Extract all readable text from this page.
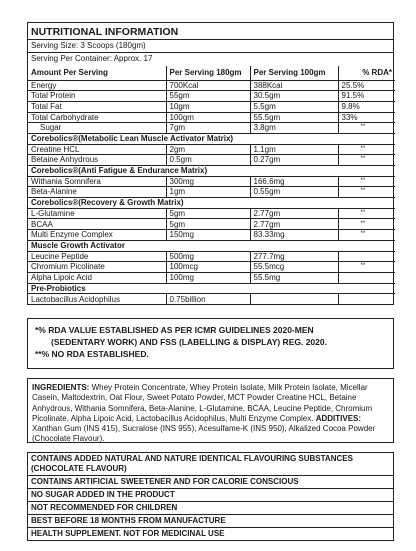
NUTRITIONAL INFORMATION
Serving Size: 3 Scoops (180gm)
Serving Per Container: Approx. 17
Amount Per Serving	Per Serving 180gm	Per Serving 100gm	% RDA*
Energy	700Kcal	388Kcal	25.5%
Total Protein	55gm	30.5gm	91.5%
Total Fat	10gm	5.5gm	9.8%
Total Carbohydrate	100gm	55.5gm	33%
Sugar	7gm	3.8gm	**
Corebolics®(Metabolic Lean Muscle Activator Matrix)			
Creatine HCL	2gm	1.1gm	**
Betaine Anhydrous	0.5gm	0.27gm	**
Corebolics®(Anti Fatigue & Endurance Matrix)			
Withania Somnifera	300mg	166.6mg	**
Beta-Alanine	1gm	0.55gm	**
Corebolics®(Recovery & Growth Matrix)			
L-Glutamine	5gm	2.77gm	**
BCAA	5gm	2.77gm	**
Multi Enzyme Complex	150mg	83.33mg	**
Muscle Growth Activator			
Leucine Peptide	500mg	277.7mg	
Chromium Picolinate	100mcg	55.5mcg	**
Alpha Lipoic Acid	100mg	55.5mg	
Pre-Probiotics			
Lactobacillus Acidophilus	0.75billion		
*% RDA VALUE ESTABLISHED AS PER ICMR GUIDELINES 2020-MEN
(SEDENTARY WORK) AND FSS (LABELLING & DISPLAY) REG. 2020.
**% NO RDA ESTABLISHED.
INGREDIENTS: Whey Protein Concentrate, Whey Protein Isolate, Milk Protein Isolate, Micellar Casein, Maltodextrin, Oat Flour, Sweet Potato Powder, MCT Powder Creatine HCL, Betaine Anhydrous, Withania Somnifera, Beta-Alanine, L-Glutamine, BCAA, Leucine Peptide, Chromium Picolinate, Alpha Lipoic Acid, Lactobacillus Acidophilus, Multi Enzyme Complex. ADDITIVES: Xanthan Gum (INS 415), Sucralose (INS 955), Acesulfame-K (INS 950), Alkalized Cocoa Powder (Chocolate Flavour).
CONTAINS ADDED NATURAL AND NATURE IDENTICAL FLAVOURING SUBSTANCES (CHOCOLATE FLAVOUR)
CONTAINS ARTIFICIAL SWEETENER AND FOR CALORIE CONSCIOUS
NO SUGAR ADDED IN THE PRODUCT
NOT RECOMMENDED FOR CHILDREN
BEST BEFORE 18 MONTHS FROM MANUFACTURE
HEALTH SUPPLEMENT. NOT FOR MEDICINAL USE
